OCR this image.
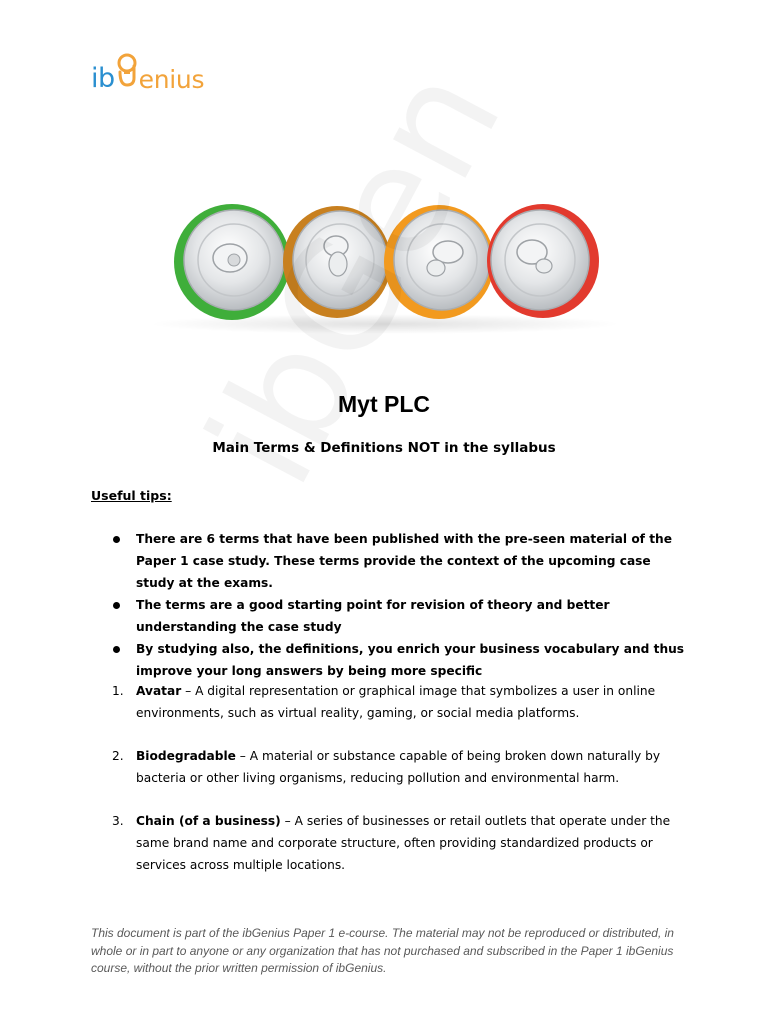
ib enius
Myt PLC
Main Terms & Definitions NOT in the syllabus
Useful tips:
There are 6 terms that have been published with the pre-seen material of the Paper 1 case study. These terms provide the context of the upcoming case study at the exams.
The terms are a good starting point for revision of theory and better understanding the case study
By studying also, the definitions, you enrich your business vocabulary and thus improve your long answers by being more specific
1. Avatar – A digital representation or graphical image that symbolizes a user in online environments, such as virtual reality, gaming, or social media platforms.
2. Biodegradable – A material or substance capable of being broken down naturally by bacteria or other living organisms, reducing pollution and environmental harm.
3. Chain (of a business) – A series of businesses or retail outlets that operate under the same brand name and corporate structure, often providing standardized products or services across multiple locations.
This document is part of the ibGenius Paper 1 e-course. The material may not be reproduced or distributed, in whole or in part to anyone or any organization that has not purchased and subscribed in the Paper 1 ibGenius course, without the prior written permission of ibGenius.
